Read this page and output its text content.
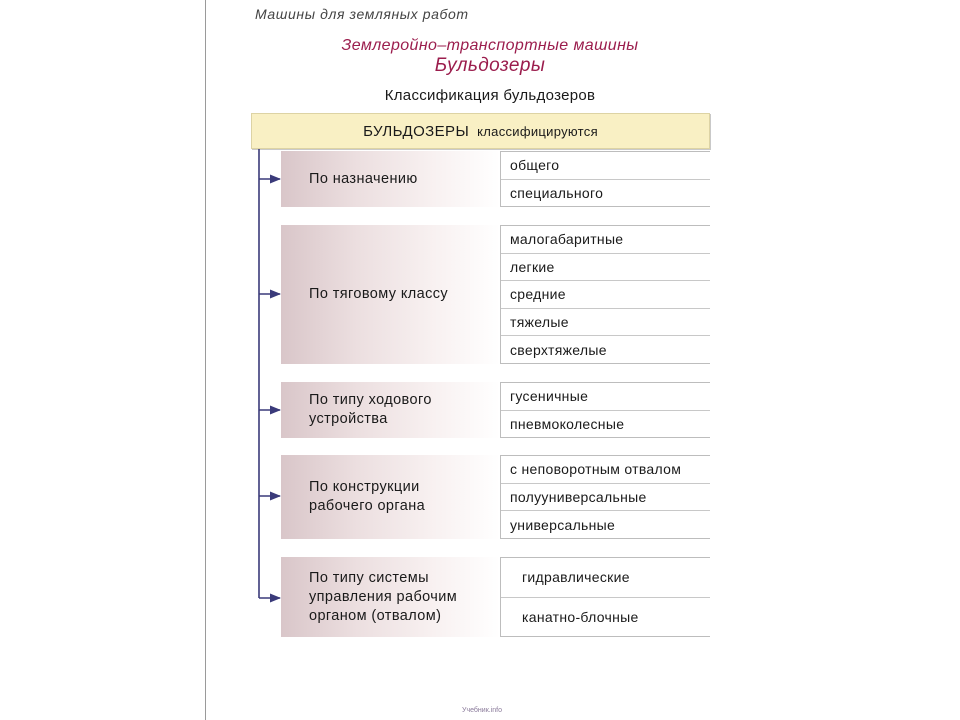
Машины для земляных работ
Землеройно–транспортные машины
Бульдозеры
Классификация бульдозеров
БУЛЬДОЗЕРЫ классифицируются
По назначению
общего
специального
По тяговому классу
малогабаритные
легкие
средние
тяжелые
сверхтяжелые
По типу ходового
устройства
гусеничные
пневмоколесные
По конструкции
рабочего органа
с неповоротным отвалом
полууниверсальные
универсальные
По типу системы
управления рабочим
органом (отвалом)
гидравлические
канатно-блочные
Учебник.info
